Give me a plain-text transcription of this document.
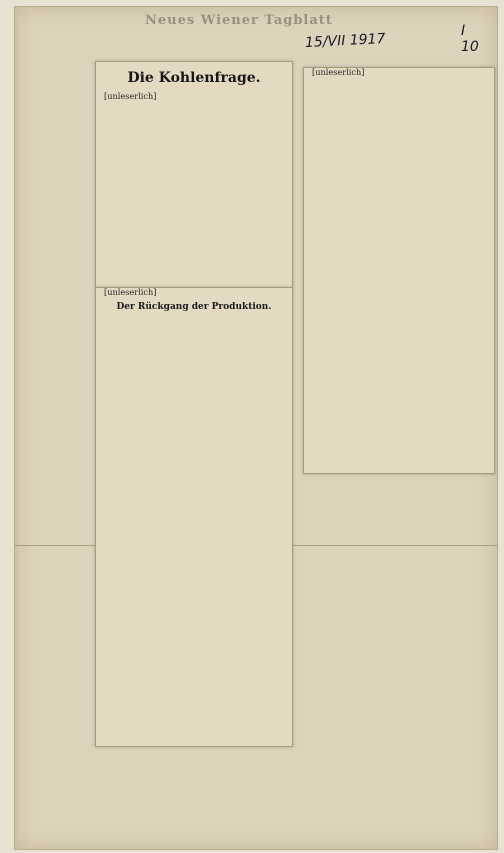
Neues Wiener Tagblatt
15/VII 1917	I
10
Die Kohlenfrage.
[unleserlich]
[unleserlich]
Der Rückgang der Produktion.
[unleserlich]
